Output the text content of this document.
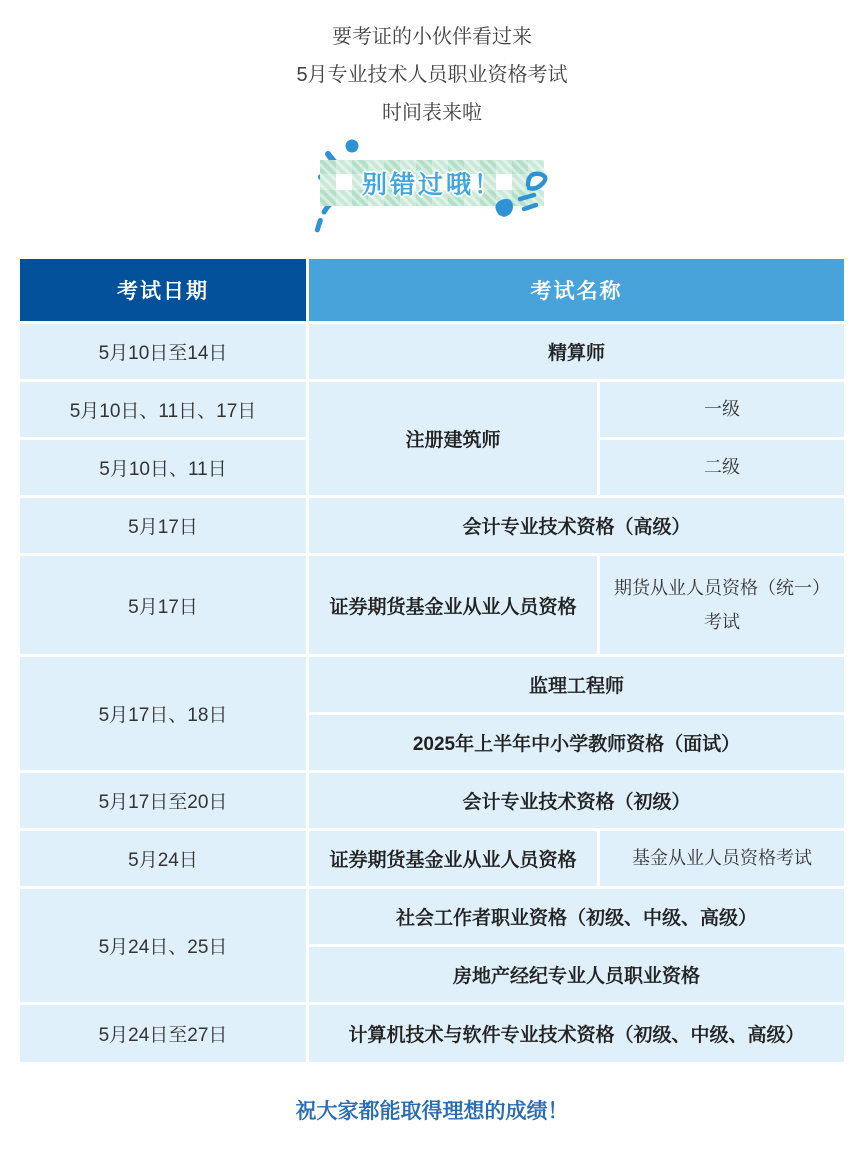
要考证的小伙伴看过来

5月专业技术人员职业资格考试

时间表来啦

别错过哦！
考试日期	考试名称	
5月10日至14日	精算师	
5月10日、11日、17日	注册建筑师	一级
5月10日、11日		二级
5月17日	会计专业技术资格（高级）	
5月17日	证券期货基金业从业人员资格	期货从业人员资格（统一）考试
5月17日、18日	监理工程师	
	2025年上半年中小学教师资格（面试）	
5月17日至20日	会计专业技术资格（初级）	
5月24日	证券期货基金业从业人员资格	基金从业人员资格考试
5月24日、25日	社会工作者职业资格（初级、中级、高级）	
	房地产经纪专业人员职业资格	
5月24日至27日	计算机技术与软件专业技术资格（初级、中级、高级）	

祝大家都能取得理想的成绩！
